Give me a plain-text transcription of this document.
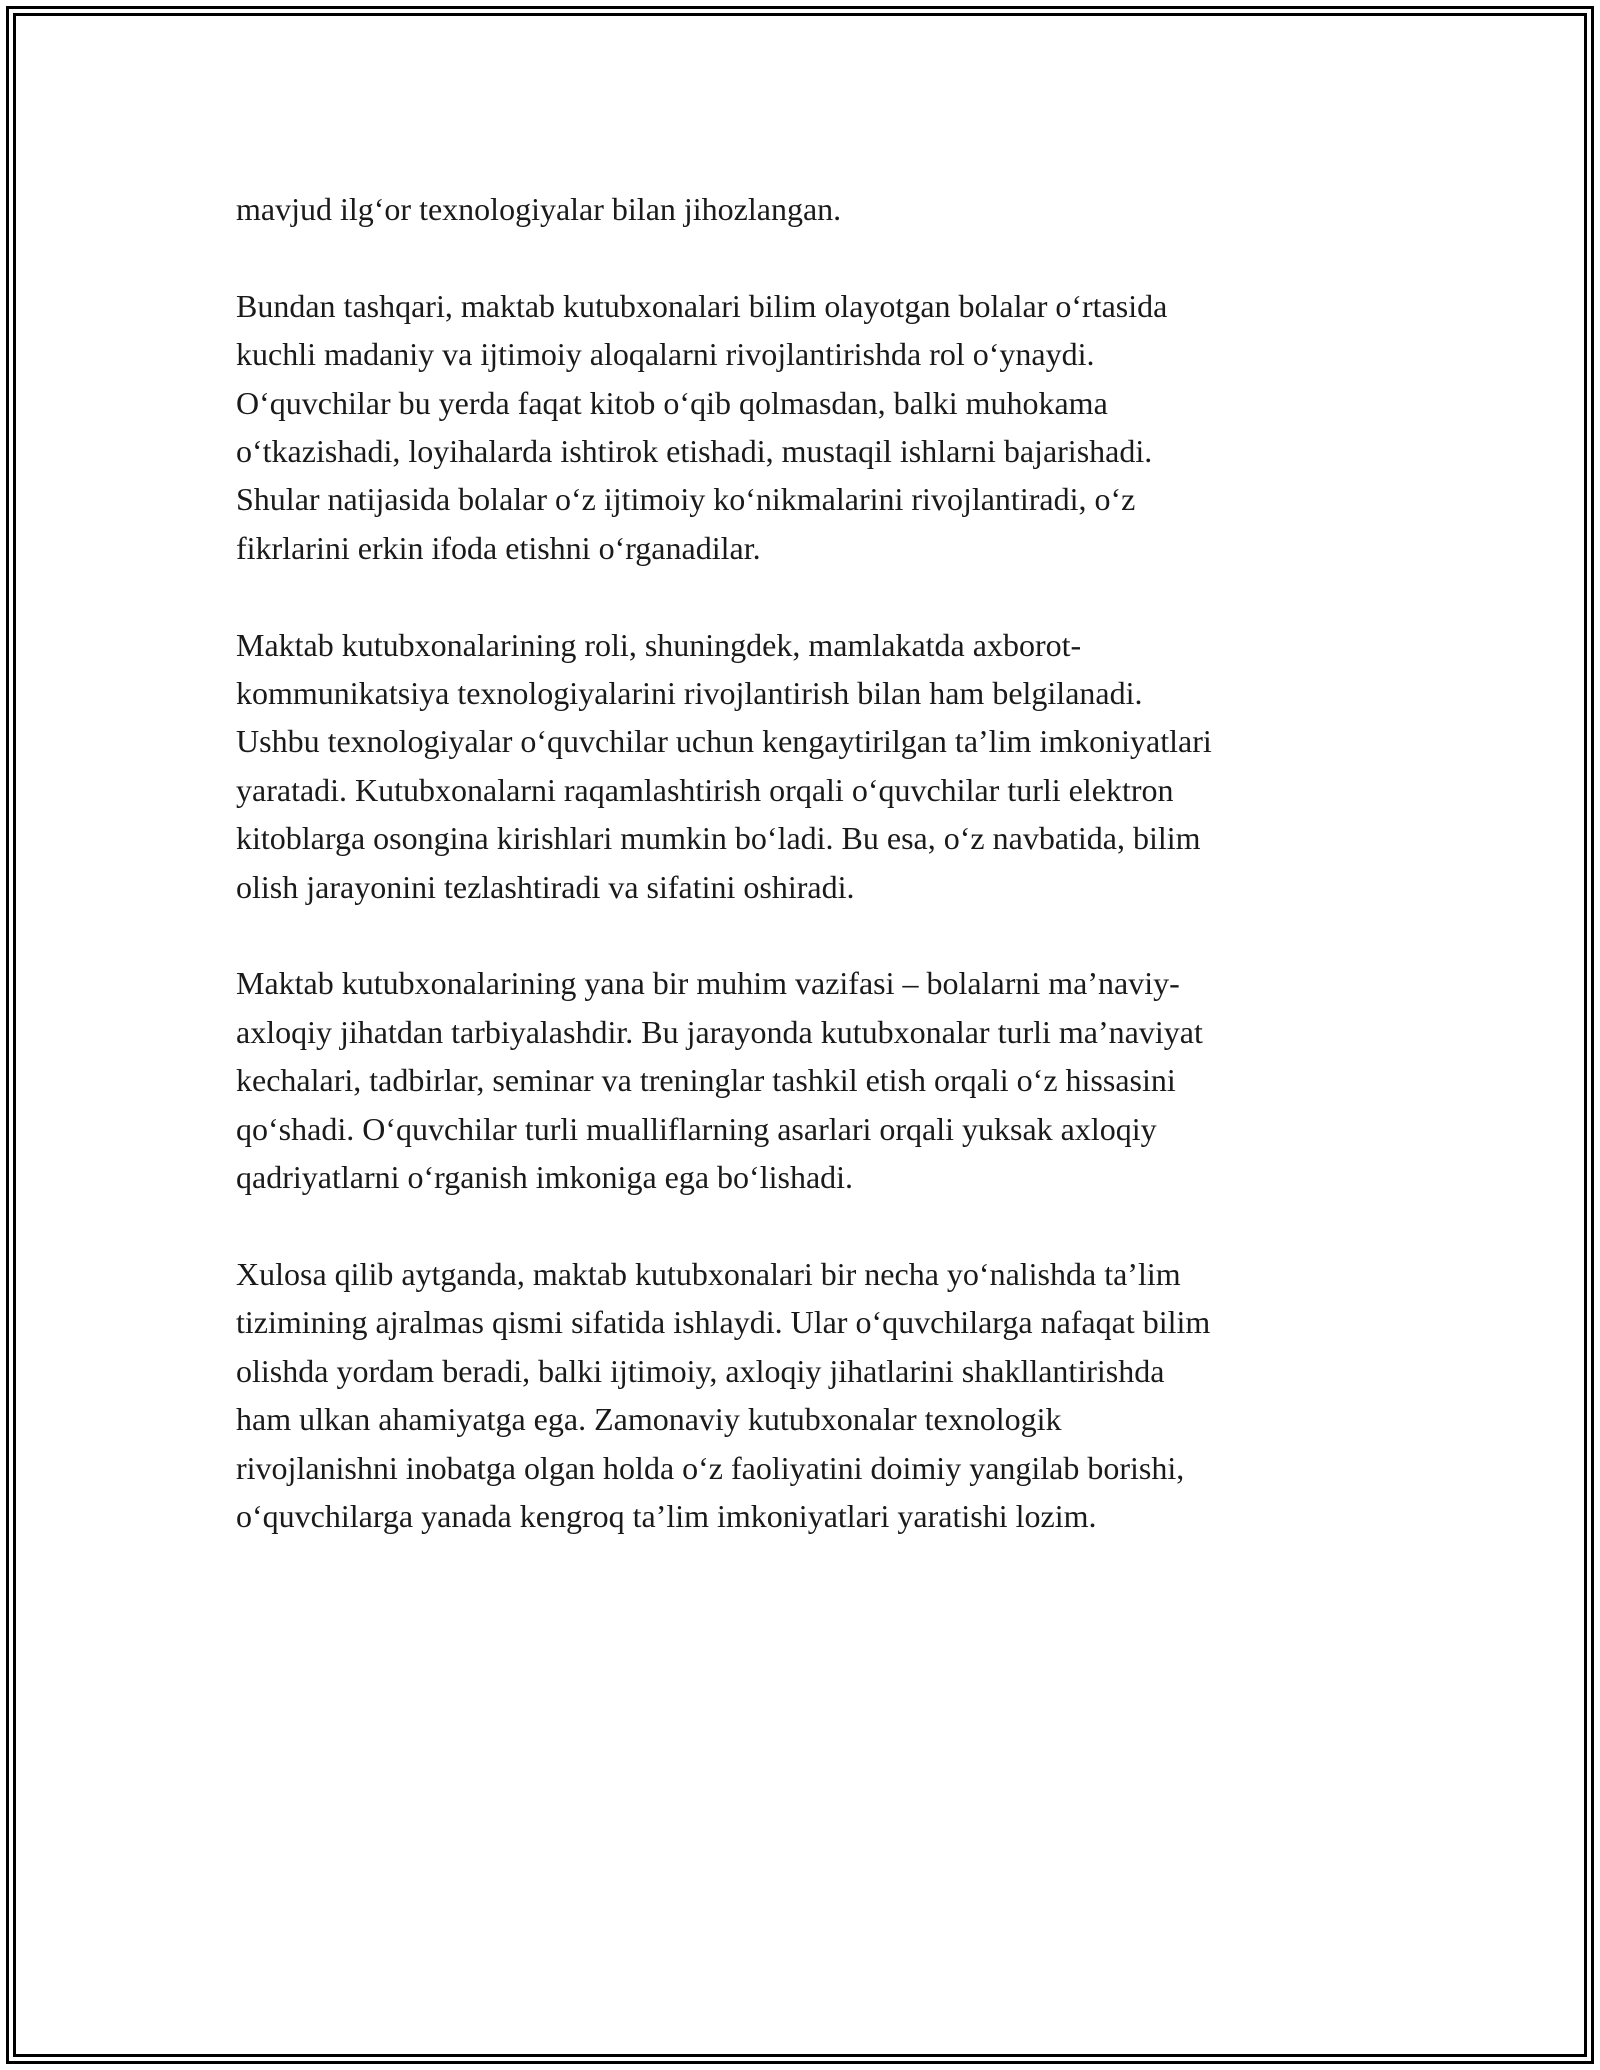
mavjud ilg‘or texnologiyalar bilan jihozlangan.

Bundan tashqari, maktab kutubxonalari bilim olayotgan bolalar o‘rtasida
kuchli madaniy va ijtimoiy aloqalarni rivojlantirishda rol o‘ynaydi.
O‘quvchilar bu yerda faqat kitob o‘qib qolmasdan, balki muhokama
o‘tkazishadi, loyihalarda ishtirok etishadi, mustaqil ishlarni bajarishadi.
Shular natijasida bolalar o‘z ijtimoiy ko‘nikmalarini rivojlantiradi, o‘z
fikrlarini erkin ifoda etishni o‘rganadilar.

Maktab kutubxonalarining roli, shuningdek, mamlakatda axborot-
kommunikatsiya texnologiyalarini rivojlantirish bilan ham belgilanadi.
Ushbu texnologiyalar o‘quvchilar uchun kengaytirilgan ta’lim imkoniyatlari
yaratadi. Kutubxonalarni raqamlashtirish orqali o‘quvchilar turli elektron
kitoblarga osongina kirishlari mumkin bo‘ladi. Bu esa, o‘z navbatida, bilim
olish jarayonini tezlashtiradi va sifatini oshiradi.

Maktab kutubxonalarining yana bir muhim vazifasi – bolalarni ma’naviy-
axloqiy jihatdan tarbiyalashdir. Bu jarayonda kutubxonalar turli ma’naviyat
kechalari, tadbirlar, seminar va treninglar tashkil etish orqali o‘z hissasini
qo‘shadi. O‘quvchilar turli mualliflarning asarlari orqali yuksak axloqiy
qadriyatlarni o‘rganish imkoniga ega bo‘lishadi.

Xulosa qilib aytganda, maktab kutubxonalari bir necha yo‘nalishda ta’lim
tizimining ajralmas qismi sifatida ishlaydi. Ular o‘quvchilarga nafaqat bilim
olishda yordam beradi, balki ijtimoiy, axloqiy jihatlarini shakllantirishda
ham ulkan ahamiyatga ega. Zamonaviy kutubxonalar texnologik
rivojlanishni inobatga olgan holda o‘z faoliyatini doimiy yangilab borishi,
o‘quvchilarga yanada kengroq ta’lim imkoniyatlari yaratishi lozim.
